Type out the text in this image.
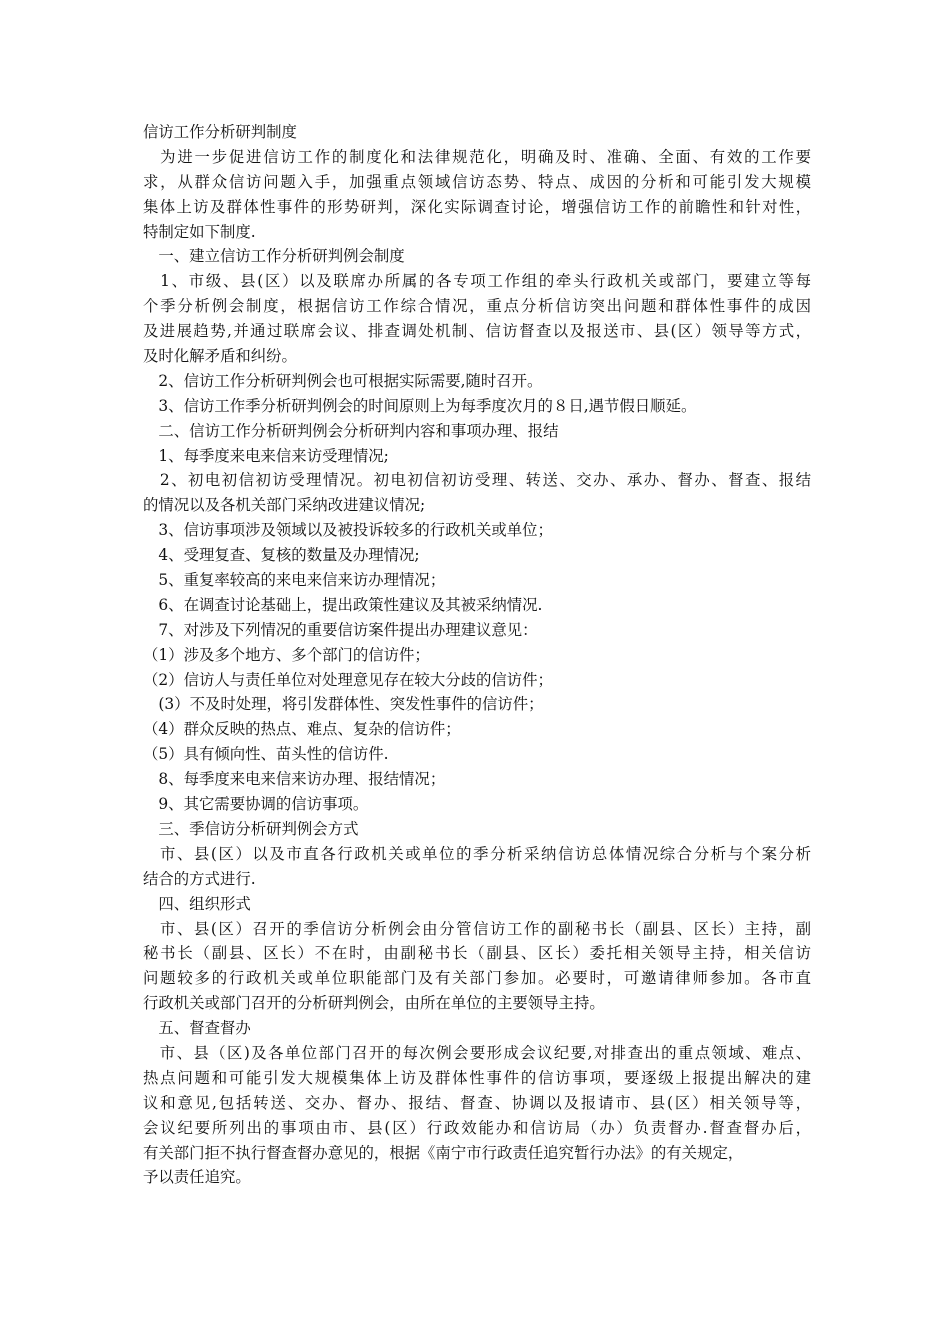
信访工作分析研判制度
　为进一步促进信访工作的制度化和法律规范化，明确及时、准确、全面、有效的工作要
求，从群众信访问题入手，加强重点领域信访态势、特点、成因的分析和可能引发大规模
集体上访及群体性事件的形势研判，深化实际调查讨论，增强信访工作的前瞻性和针对性，
特制定如下制度.
　一、建立信访工作分析研判例会制度
　1、市级、县(区）以及联席办所属的各专项工作组的牵头行政机关或部门，要建立等每
个季分析例会制度，根据信访工作综合情况，重点分析信访突出问题和群体性事件的成因
及进展趋势,并通过联席会议、排查调处机制、信访督查以及报送市、县(区）领导等方式，
及时化解矛盾和纠纷。
　2、信访工作分析研判例会也可根据实际需要,随时召开。
　3、信访工作季分析研判例会的时间原则上为每季度次月的８日,遇节假日顺延。
　二、信访工作分析研判例会分析研判内容和事项办理、报结
　1、每季度来电来信来访受理情况;
　2、初电初信初访受理情况。初电初信初访受理、转送、交办、承办、督办、督查、报结
的情况以及各机关部门采纳改进建议情况;
　3、信访事项涉及领域以及被投诉较多的行政机关或单位；
　4、受理复查、复核的数量及办理情况;
　5、重复率较高的来电来信来访办理情况；
　6、在调查讨论基础上，提出政策性建议及其被采纳情况.
　7、对涉及下列情况的重要信访案件提出办理建议意见：
（1）涉及多个地方、多个部门的信访件；
（2）信访人与责任单位对处理意见存在较大分歧的信访件；
　(3）不及时处理，将引发群体性、突发性事件的信访件；
（4）群众反映的热点、难点、复杂的信访件；
（5）具有倾向性、苗头性的信访件.
　8、每季度来电来信来访办理、报结情况；
　9、其它需要协调的信访事项。
　三、季信访分析研判例会方式
　市、县(区）以及市直各行政机关或单位的季分析采纳信访总体情况综合分析与个案分析
结合的方式进行.
　四、组织形式
　市、县(区）召开的季信访分析例会由分管信访工作的副秘书长（副县、区长）主持，副
秘书长（副县、区长）不在时，由副秘书长（副县、区长）委托相关领导主持，相关信访
问题较多的行政机关或单位职能部门及有关部门参加。必要时，可邀请律师参加。各市直
行政机关或部门召开的分析研判例会，由所在单位的主要领导主持。
　五、督查督办
　市、县（区)及各单位部门召开的每次例会要形成会议纪要,对排查出的重点领域、难点、
热点问题和可能引发大规模集体上访及群体性事件的信访事项，要逐级上报提出解决的建
议和意见,包括转送、交办、督办、报结、督查、协调以及报请市、县(区）相关领导等，
会议纪要所列出的事项由市、县(区）行政效能办和信访局（办）负责督办.督查督办后，
有关部门拒不执行督查督办意见的，根据《南宁市行政责任追究暂行办法》的有关规定，
予以责任追究。
